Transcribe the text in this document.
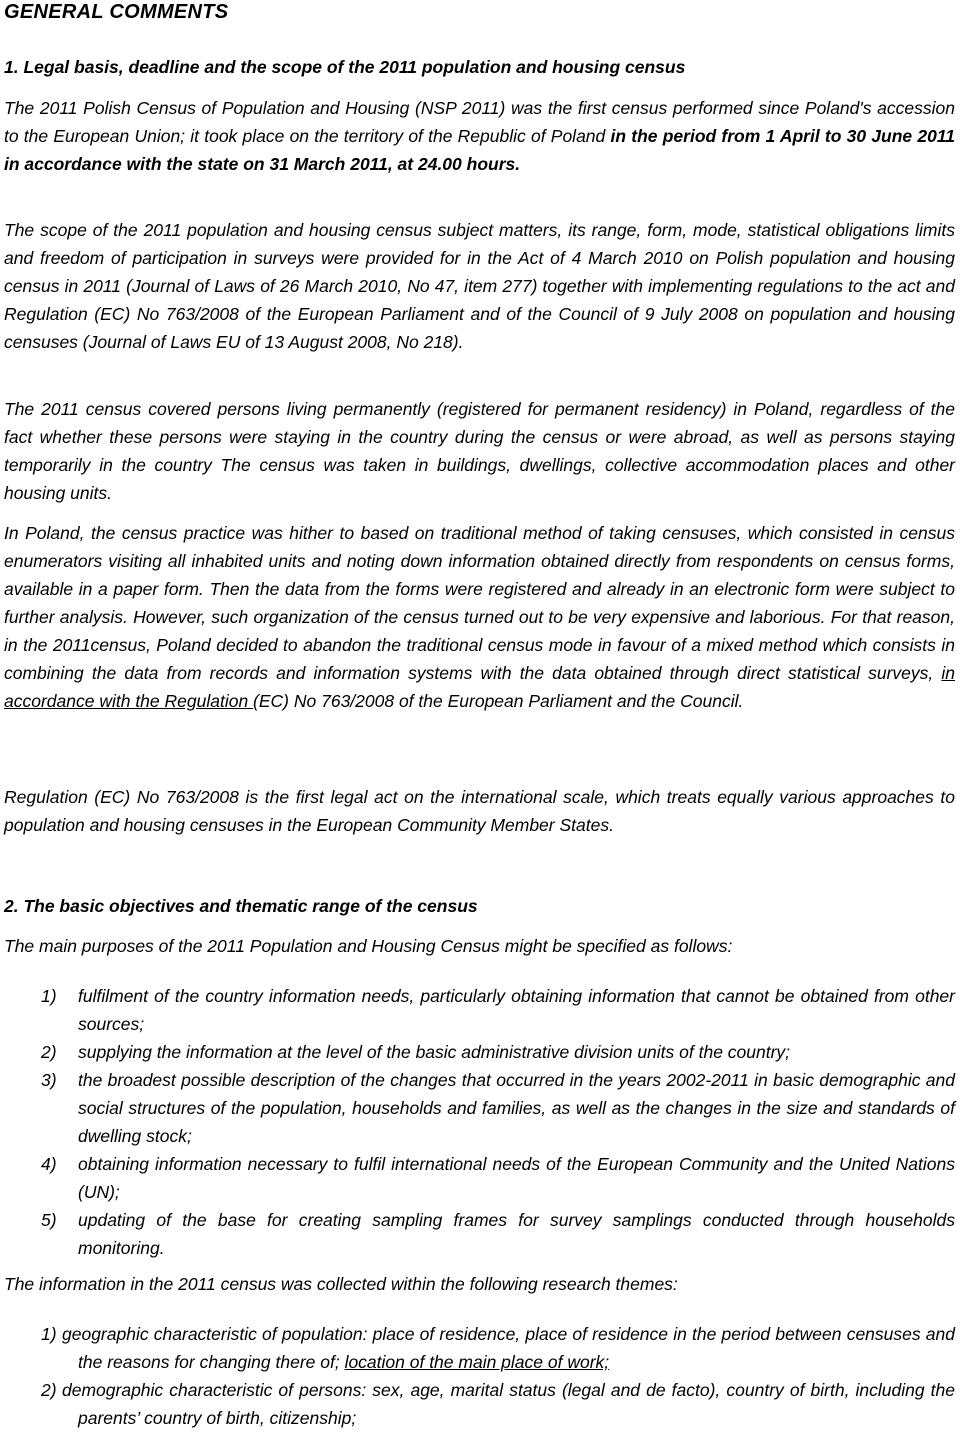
GENERAL COMMENTS
1. Legal basis, deadline and the scope of the 2011 population and housing census
The 2011 Polish Census of Population and Housing (NSP 2011) was the first census performed since Poland's accession to the European Union; it took place on the territory of the Republic of Poland in the period from 1 April to 30 June 2011 in accordance with the state on 31 March 2011, at 24.00 hours.
The scope of the 2011 population and housing census subject matters, its range, form, mode, statistical obligations limits and freedom of participation in surveys were provided for in the Act of 4 March 2010 on Polish population and housing census in 2011 (Journal of Laws of 26 March 2010, No 47, item 277) together with implementing regulations to the act and Regulation (EC) No 763/2008 of the European Parliament and of the Council of 9 July 2008 on population and housing censuses (Journal of Laws EU of 13 August 2008, No 218).
The 2011 census covered persons living permanently (registered for permanent residency) in Poland, regardless of the fact whether these persons were staying in the country during the census or were abroad, as well as persons staying temporarily in the country The census was taken in buildings, dwellings, collective accommodation places and other housing units.
In Poland, the census practice was hither to based on traditional method of taking censuses, which consisted in census enumerators visiting all inhabited units and noting down information obtained directly from respondents on census forms, available in a paper form. Then the data from the forms were registered and already in an electronic form were subject to further analysis. However, such organization of the census turned out to be very expensive and laborious. For that reason, in the 2011census, Poland decided to abandon the traditional census mode in favour of a mixed method which consists in combining the data from records and information systems with the data obtained through direct statistical surveys, in accordance with the Regulation (EC) No 763/2008 of the European Parliament and the Council.
Regulation (EC) No 763/2008 is the first legal act on the international scale, which treats equally various approaches to population and housing censuses in the European Community Member States.
2. The basic objectives and thematic range of the census
The main purposes of the 2011 Population and Housing Census might be specified as follows:
1) fulfilment of the country information needs, particularly obtaining information that cannot be obtained from other sources;
2) supplying the information at the level of the basic administrative division units of the country;
3) the broadest possible description of the changes that occurred in the years 2002-2011 in basic demographic and social structures of the population, households and families, as well as the changes in the size and standards of dwelling stock;
4) obtaining information necessary to fulfil international needs of the European Community and the United Nations (UN);
5) updating of the base for creating sampling frames for survey samplings conducted through households monitoring.
The information in the 2011 census was collected within the following research themes:
1) geographic characteristic of population: place of residence, place of residence in the period between censuses and the reasons for changing there of; location of the main place of work;
2) demographic characteristic of persons: sex, age, marital status (legal and de facto), country of birth, including the parents’ country of birth, citizenship;
